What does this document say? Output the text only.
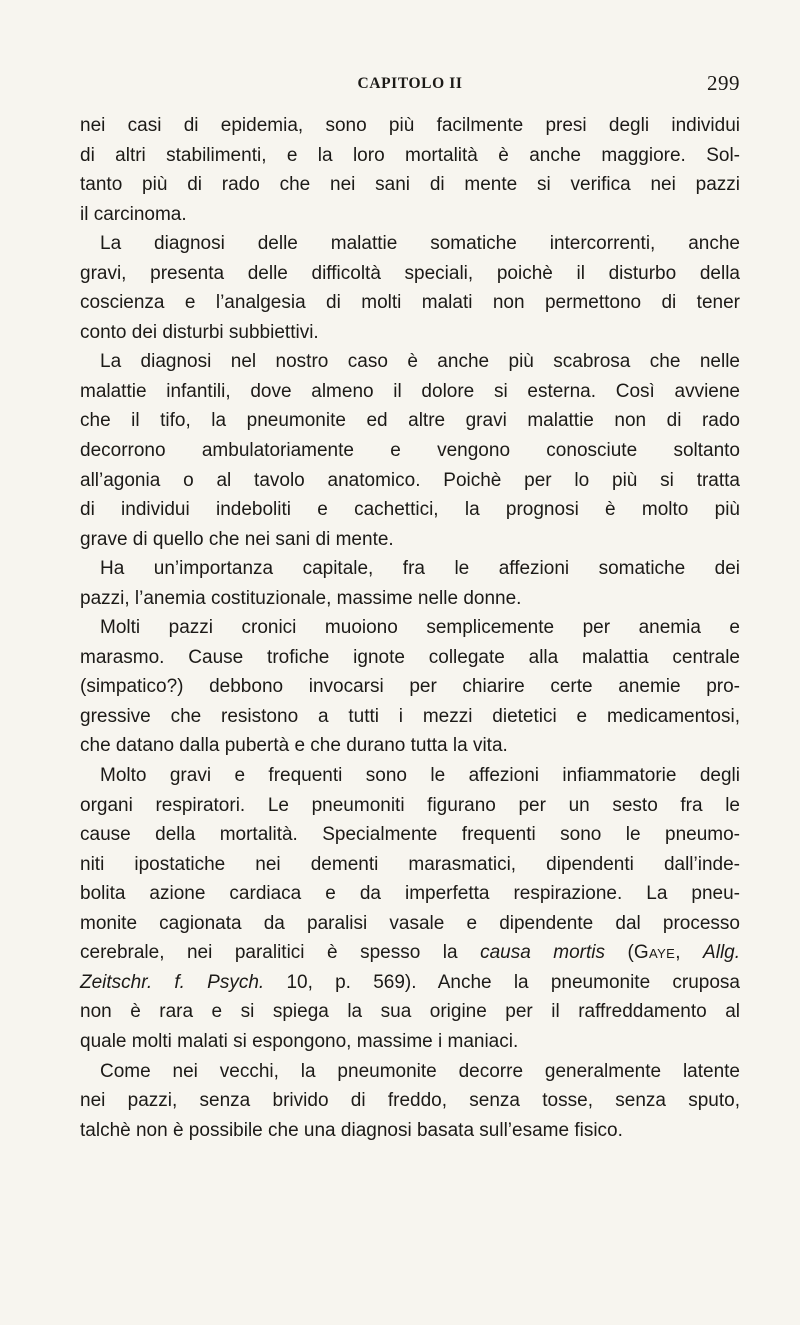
CAPITOLO II	299
nei casi di epidemia, sono più facilmente presi degli individui
di altri stabilimenti, e la loro mortalità è anche maggiore. Sol-
tanto più di rado che nei sani di mente si verifica nei pazzi
il carcinoma.
La diagnosi delle malattie somatiche intercorrenti, anche
gravi, presenta delle difficoltà speciali, poichè il disturbo della
coscienza e l’analgesia di molti malati non permettono di tener
conto dei disturbi subbiettivi.
La diagnosi nel nostro caso è anche più scabrosa che nelle
malattie infantili, dove almeno il dolore si esterna. Così avviene
che il tifo, la pneumonite ed altre gravi malattie non di rado
decorrono ambulatoriamente e vengono conosciute soltanto
all’agonia o al tavolo anatomico. Poichè per lo più si tratta
di individui indeboliti e cachettici, la prognosi è molto più
grave di quello che nei sani di mente.
Ha un’importanza capitale, fra le affezioni somatiche dei
pazzi, l’anemia costituzionale, massime nelle donne.
Molti pazzi cronici muoiono semplicemente per anemia e
marasmo. Cause trofiche ignote collegate alla malattia centrale
(simpatico?) debbono invocarsi per chiarire certe anemie pro-
gressive che resistono a tutti i mezzi dietetici e medicamentosi,
che datano dalla pubertà e che durano tutta la vita.
Molto gravi e frequenti sono le affezioni infiammatorie degli
organi respiratori. Le pneumoniti figurano per un sesto fra le
cause della mortalità. Specialmente frequenti sono le pneumo-
niti ipostatiche nei dementi marasmatici, dipendenti dall’inde-
bolita azione cardiaca e da imperfetta respirazione. La pneu-
monite cagionata da paralisi vasale e dipendente dal processo
cerebrale, nei paralitici è spesso la causa mortis (Gaye, Allg.
Zeitschr. f. Psych. 10, p. 569). Anche la pneumonite cruposa
non è rara e si spiega la sua origine per il raffreddamento al
quale molti malati si espongono, massime i maniaci.
Come nei vecchi, la pneumonite decorre generalmente latente
nei pazzi, senza brivido di freddo, senza tosse, senza sputo,
talchè non è possibile che una diagnosi basata sull’esame fisico.
